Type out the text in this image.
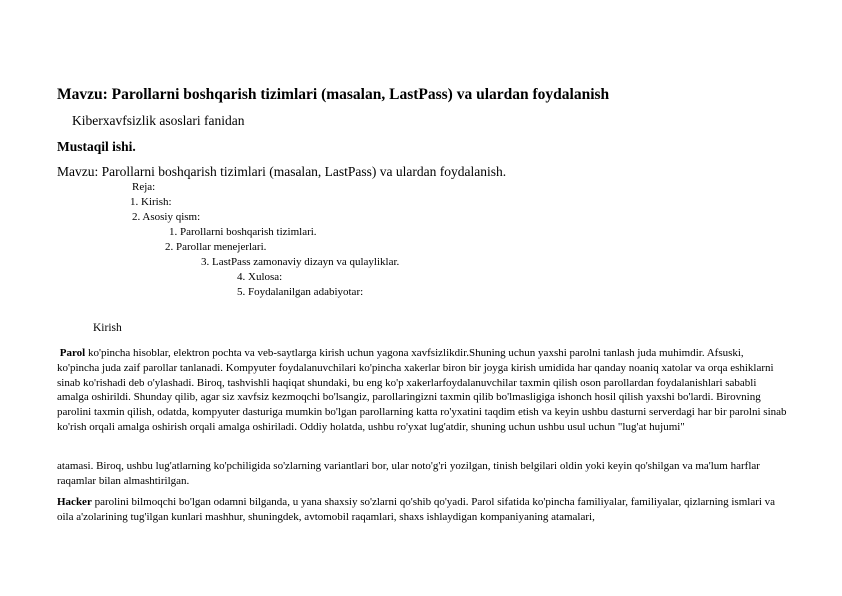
Mavzu: Parollarni boshqarish tizimlari (masalan, LastPass) va ulardan foydalanish
Kiberxavfsizlik asoslari fanidan
Mustaqil ishi.
Mavzu: Parollarni boshqarish tizimlari (masalan, LastPass) va ulardan foydalanish.
Reja:
1. Kirish:
2. Asosiy qism:
1. Parollarni boshqarish tizimlari.
2. Parollar menejerlari.
3. LastPass zamonaviy dizayn va qulayliklar.
4. Xulosa:
5. Foydalanilgan adabiyotar:
Kirish

Parol ko'pincha hisoblar, elektron pochta va veb-saytlarga kirish uchun yagona xavfsizlikdir.Shuning uchun yaxshi parolni tanlash juda muhimdir. Afsuski, ko'pincha juda zaif parollar tanlanadi. Kompyuter foydalanuvchilari ko'pincha xakerlar biron bir joyga kirish umidida har qanday noaniq xatolar va orqa eshiklarni sinab ko'rishadi deb o'ylashadi. Biroq, tashvishli haqiqat shundaki, bu eng ko'p xakerlarfoydalanuvchilar taxmin qilish oson parollardan foydalanishlari sababli amalga oshirildi. Shunday qilib, agar siz xavfsiz kezmoqchi bo'lsangiz, parollaringizni taxmin qilib bo'lmasligiga ishonch hosil qilish yaxshi bo'lardi. Birovning parolini taxmin qilish, odatda, kompyuter dasturiga mumkin bo'lgan parollarning katta ro'yxatini taqdim etish va keyin ushbu dasturni serverdagi har bir parolni sinab ko'rish orqali amalga oshirish orqali amalga oshiriladi. Oddiy holatda, ushbu ro'yxat lug'atdir, shuning uchun ushbu usul uchun "lug'at hujumi"

atamasi. Biroq, ushbu lug'atlarning ko'pchiligida so'zlarning variantlari bor, ular noto'g'ri yozilgan, tinish belgilari oldin yoki keyin qo'shilgan va ma'lum harflar raqamlar bilan almashtirilgan.

Hacker parolini bilmoqchi bo'lgan odamni bilganda, u yana shaxsiy so'zlarni qo'shib qo'yadi. Parol sifatida ko'pincha familiyalar, familiyalar, qizlarning ismlari va oila a'zolarining tug'ilgan kunlari mashhur, shuningdek, avtomobil raqamlari, shaxs ishlaydigan kompaniyaning atamalari,
